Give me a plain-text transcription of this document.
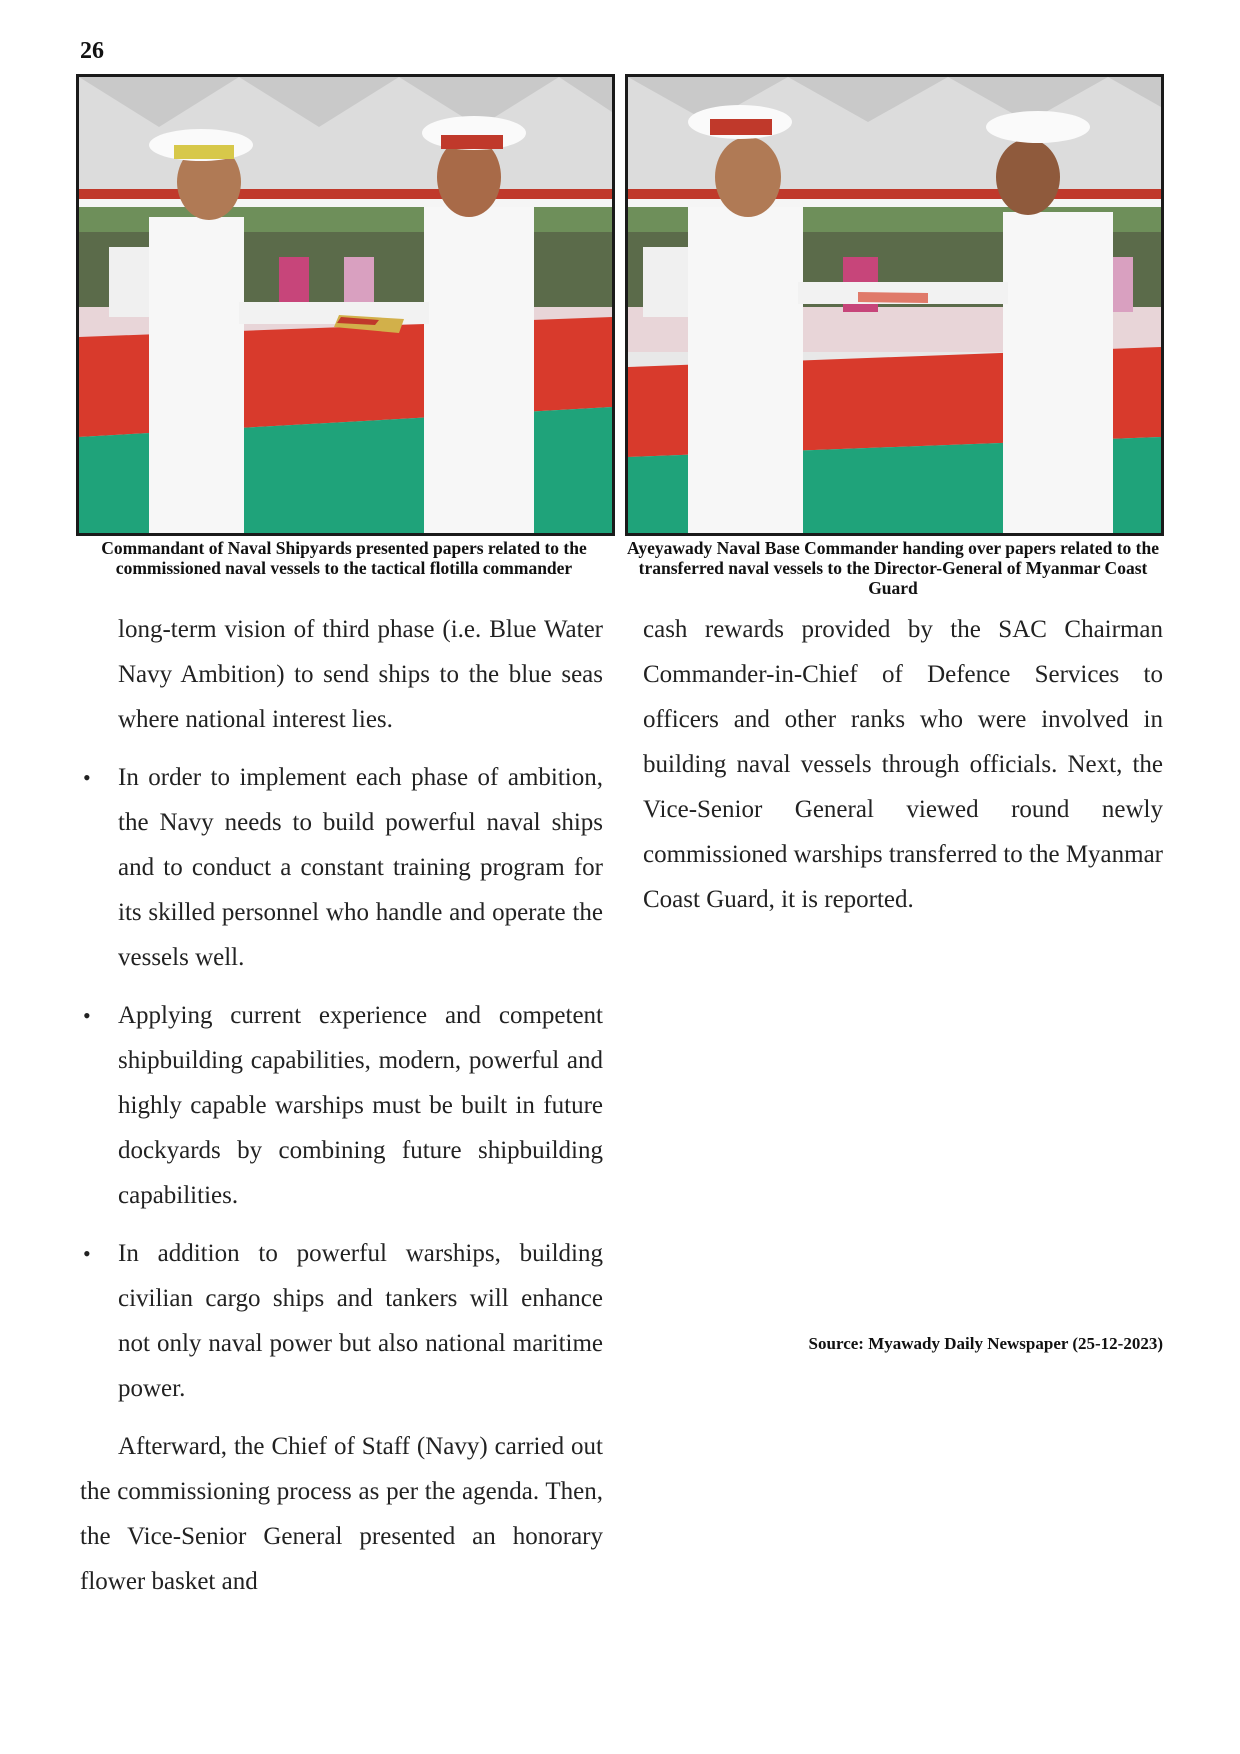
26
Commandant of Naval Shipyards presented papers related to the commissioned naval vessels to the tactical flotilla commander
Ayeyawady Naval Base Commander handing over papers related to the transferred naval vessels to the Director-General of Myanmar Coast Guard

long-term vision of third phase (i.e. Blue Water Navy Ambition) to send ships to the blue seas where national interest lies.

• In order to implement each phase of ambition, the Navy needs to build powerful naval ships and to conduct a constant training program for its skilled personnel who handle and operate the vessels well.
• Applying current experience and competent shipbuilding capabilities, modern, powerful and highly capable warships must be built in future dockyards by combining future shipbuilding capabilities.
• In addition to powerful warships, building civilian cargo ships and tankers will enhance not only naval power but also national maritime power.

Afterward, the Chief of Staff (Navy) carried out the commissioning process as per the agenda. Then, the Vice-Senior General presented an honorary flower basket and

cash rewards provided by the SAC Chairman Commander-in-Chief of Defence Services to officers and other ranks who were involved in building naval vessels through officials. Next, the Vice-Senior General viewed round newly commissioned warships transferred to the Myanmar Coast Guard, it is reported.

Source: Myawady Daily Newspaper (25-12-2023)
